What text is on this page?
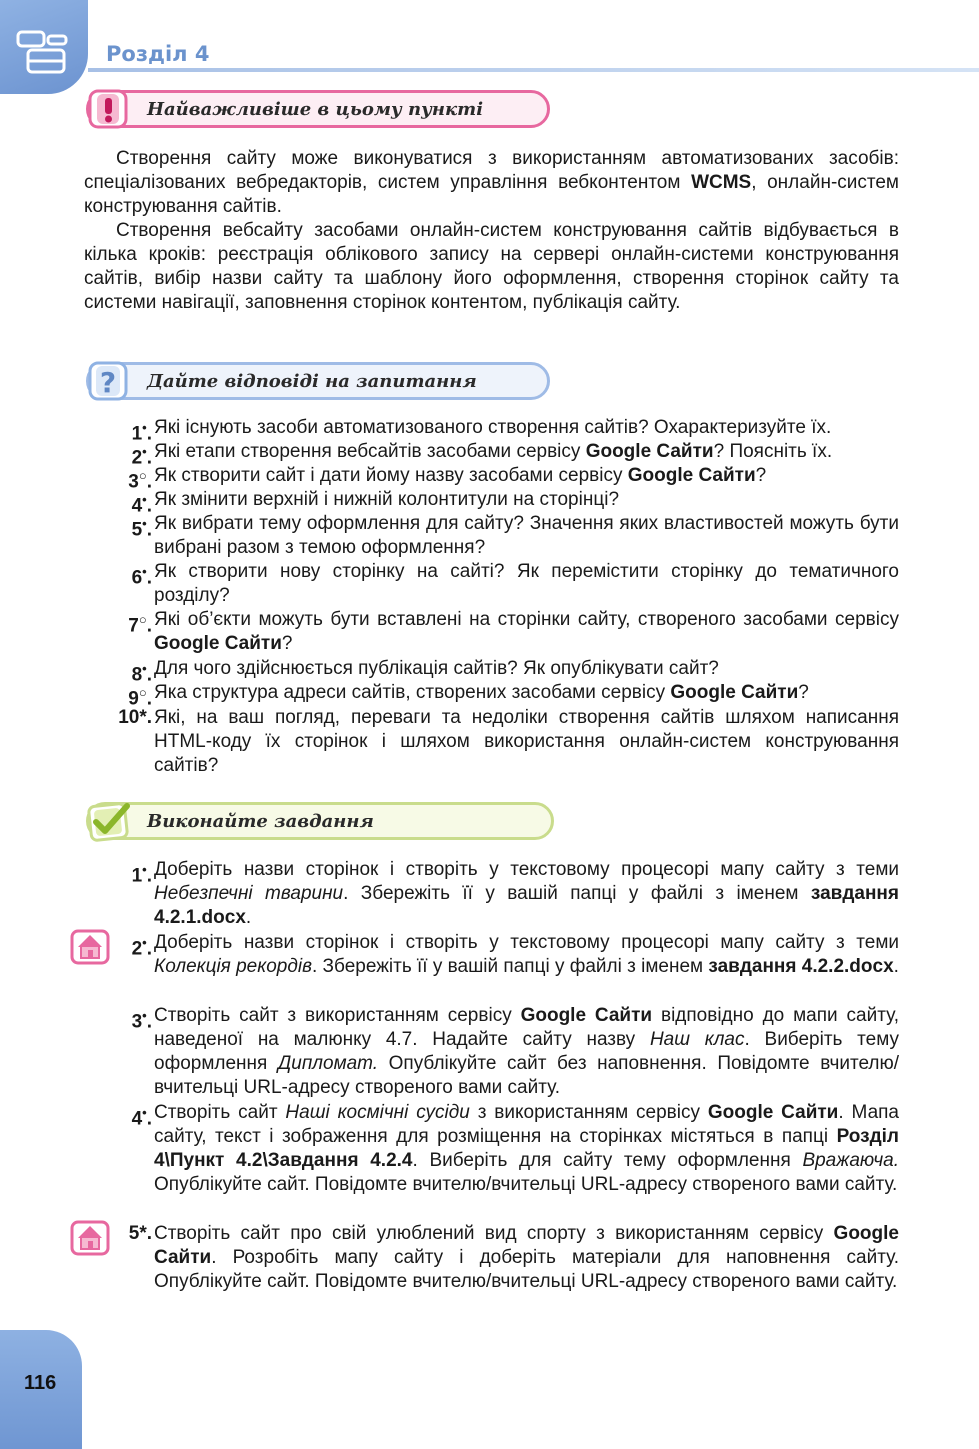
Розділ 4
Найважливіше в цьому пункті

Створення сайту може виконуватися з використанням автоматизованих засобів: спеціалізованих вебредакторів, систем управління вебконтентом WCMS, онлайн-систем конструювання сайтів.

Створення вебсайту засобами онлайн-систем конструювання сайтів відбувається в кілька кроків: реєстрація облікового запису на сервері онлайн-системи конструювання сайтів, вибір назви сайту та шаблону його оформлення, створення сторінок сайту та системи навігації, заповнення сторінок контентом, публікація сайту.

? Дайте відповіді на запитання
1•. Які існують засоби автоматизованого створення сайтів? Охарактеризуйте їх.
2•. Які етапи створення вебсайтів засобами сервісу Google Сайти? Поясніть їх.
3○. Як створити сайт і дати йому назву засобами сервісу Google Сайти?
4•. Як змінити верхній і нижній колонтитули на сторінці?
5•. Як вибрати тему оформлення для сайту? Значення яких властивостей можуть бути вибрані разом з темою оформлення?
6•. Як створити нову сторінку на сайті? Як перемістити сторінку до тематичного розділу?
7○. Які об’єкти можуть бути вставлені на сторінки сайту, створеного засобами сервісу Google Сайти?
8•. Для чого здійснюється публікація сайтів? Як опублікувати сайт?
9○. Яка структура адреси сайтів, створених засобами сервісу Google Сайти?
10*. Які, на ваш погляд, переваги та недоліки створення сайтів шляхом написання HTML-коду їх сторінок і шляхом використання онлайн-систем конструювання сайтів?
Виконайте завдання
1•. Доберіть назви сторінок і створіть у текстовому процесорі мапу сайту з теми Небезпечні тварини. Збережіть її у вашій папці у файлі з іменем завдання 4.2.1.docx.
2•. Доберіть назви сторінок і створіть у текстовому процесорі мапу сайту з теми Колекція рекордів. Збережіть її у вашій папці у файлі з іменем завдання 4.2.2.docx.
3•. Створіть сайт з використанням сервісу Google Сайти відповідно до мапи сайту, наведеної на малюнку 4.7. Надайте сайту назву Наш клас. Виберіть тему оформлення Дипломат. Опублікуйте сайт без наповнення. Повідомте вчителю/вчительці URL-адресу створеного вами сайту.
4•. Створіть сайт Наші космічні сусіди з використанням сервісу Google Сайти. Мапа сайту, текст і зображення для розміщення на сторінках містяться в папці Розділ 4\Пункт 4.2\Завдання 4.2.4. Виберіть для сайту тему оформлення Вражаюча. Опублікуйте сайт. Повідомте вчителю/вчительці URL-адресу створеного вами сайту.
5*. Створіть сайт про свій улюблений вид спорту з використанням сервісу Google Сайти. Розробіть мапу сайту і доберіть матеріали для наповнення сайту. Опублікуйте сайт. Повідомте вчителю/вчительці URL-адресу створеного вами сайту.
116
